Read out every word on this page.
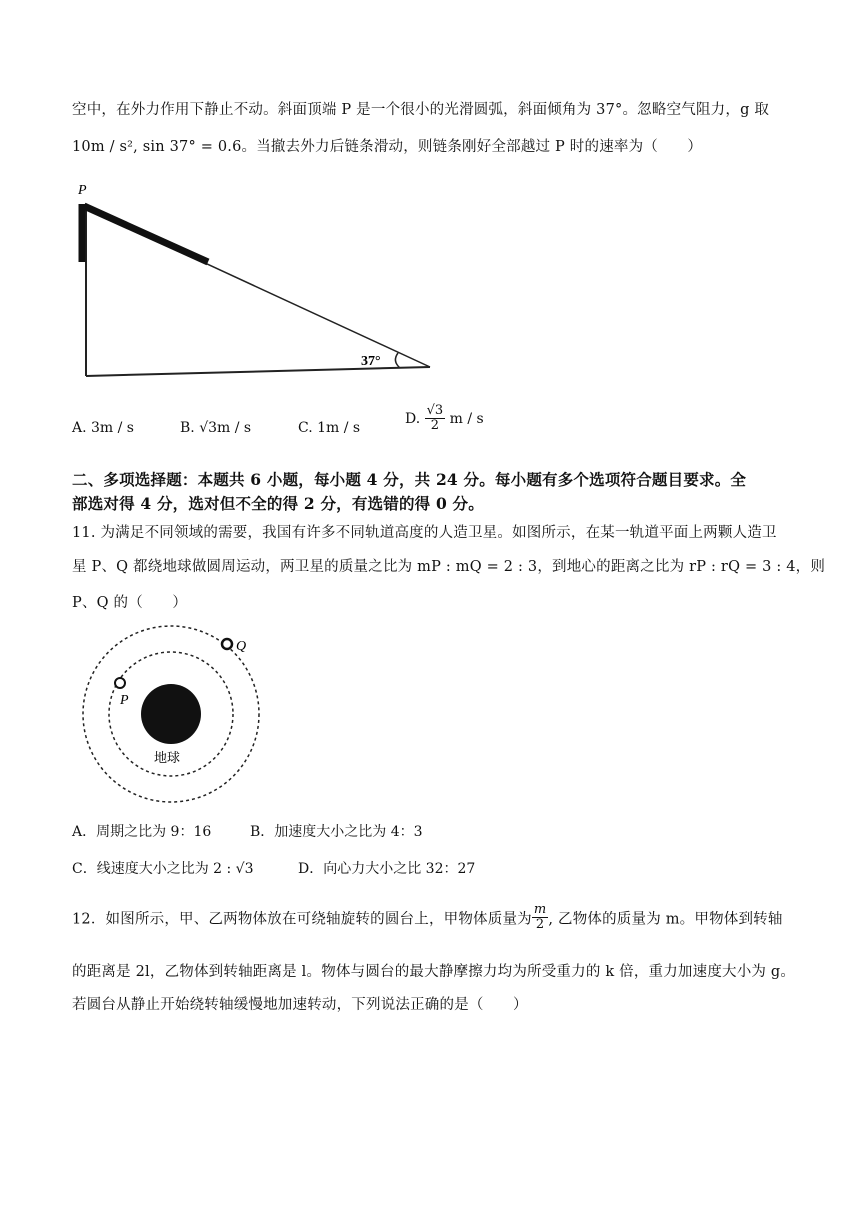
空中，在外力作用下静止不动。斜面顶端 P 是一个很小的光滑圆弧，斜面倾角为 37°。忽略空气阻力，g 取
10m / s², sin 37° = 0.6。当撤去外力后链条滑动，则链条刚好全部越过 P 时的速率为（　　）
P
37°
A. 3m / s	B. √3m / s	C. 1m / s
D. $\frac{√3}{2}$ m / s
二、多项选择题：本题共 6 小题，每小题 4 分，共 24 分。每小题有多个选项符合题目要求。全
部选对得 4 分，选对但不全的得 2 分，有选错的得 0 分。
11. 为满足不同领域的需要，我国有许多不同轨道高度的人造卫星。如图所示，在某一轨道平面上两颗人造卫
星 P、Q 都绕地球做圆周运动，两卫星的质量之比为 mP : mQ = 2 : 3，到地心的距离之比为 rP : rQ = 3 : 4，则
P、Q 的（　　）
P
Q
地球
A．周期之比为 9：16	B．加速度大小之比为 4：3
C．线速度大小之比为 2 : √3	D．向心力大小之比 32：27
12．如图所示，甲、乙两物体放在可绕轴旋转的圆台上，甲物体质量为 $\frac{m}{2}$ , 乙物体的质量为 m。甲物体到转轴
的距离是 2l，乙物体到转轴距离是 l。物体与圆台的最大静摩擦力均为所受重力的 k 倍，重力加速度大小为 g。
若圆台从静止开始绕转轴缓慢地加速转动，下列说法正确的是（　　）
